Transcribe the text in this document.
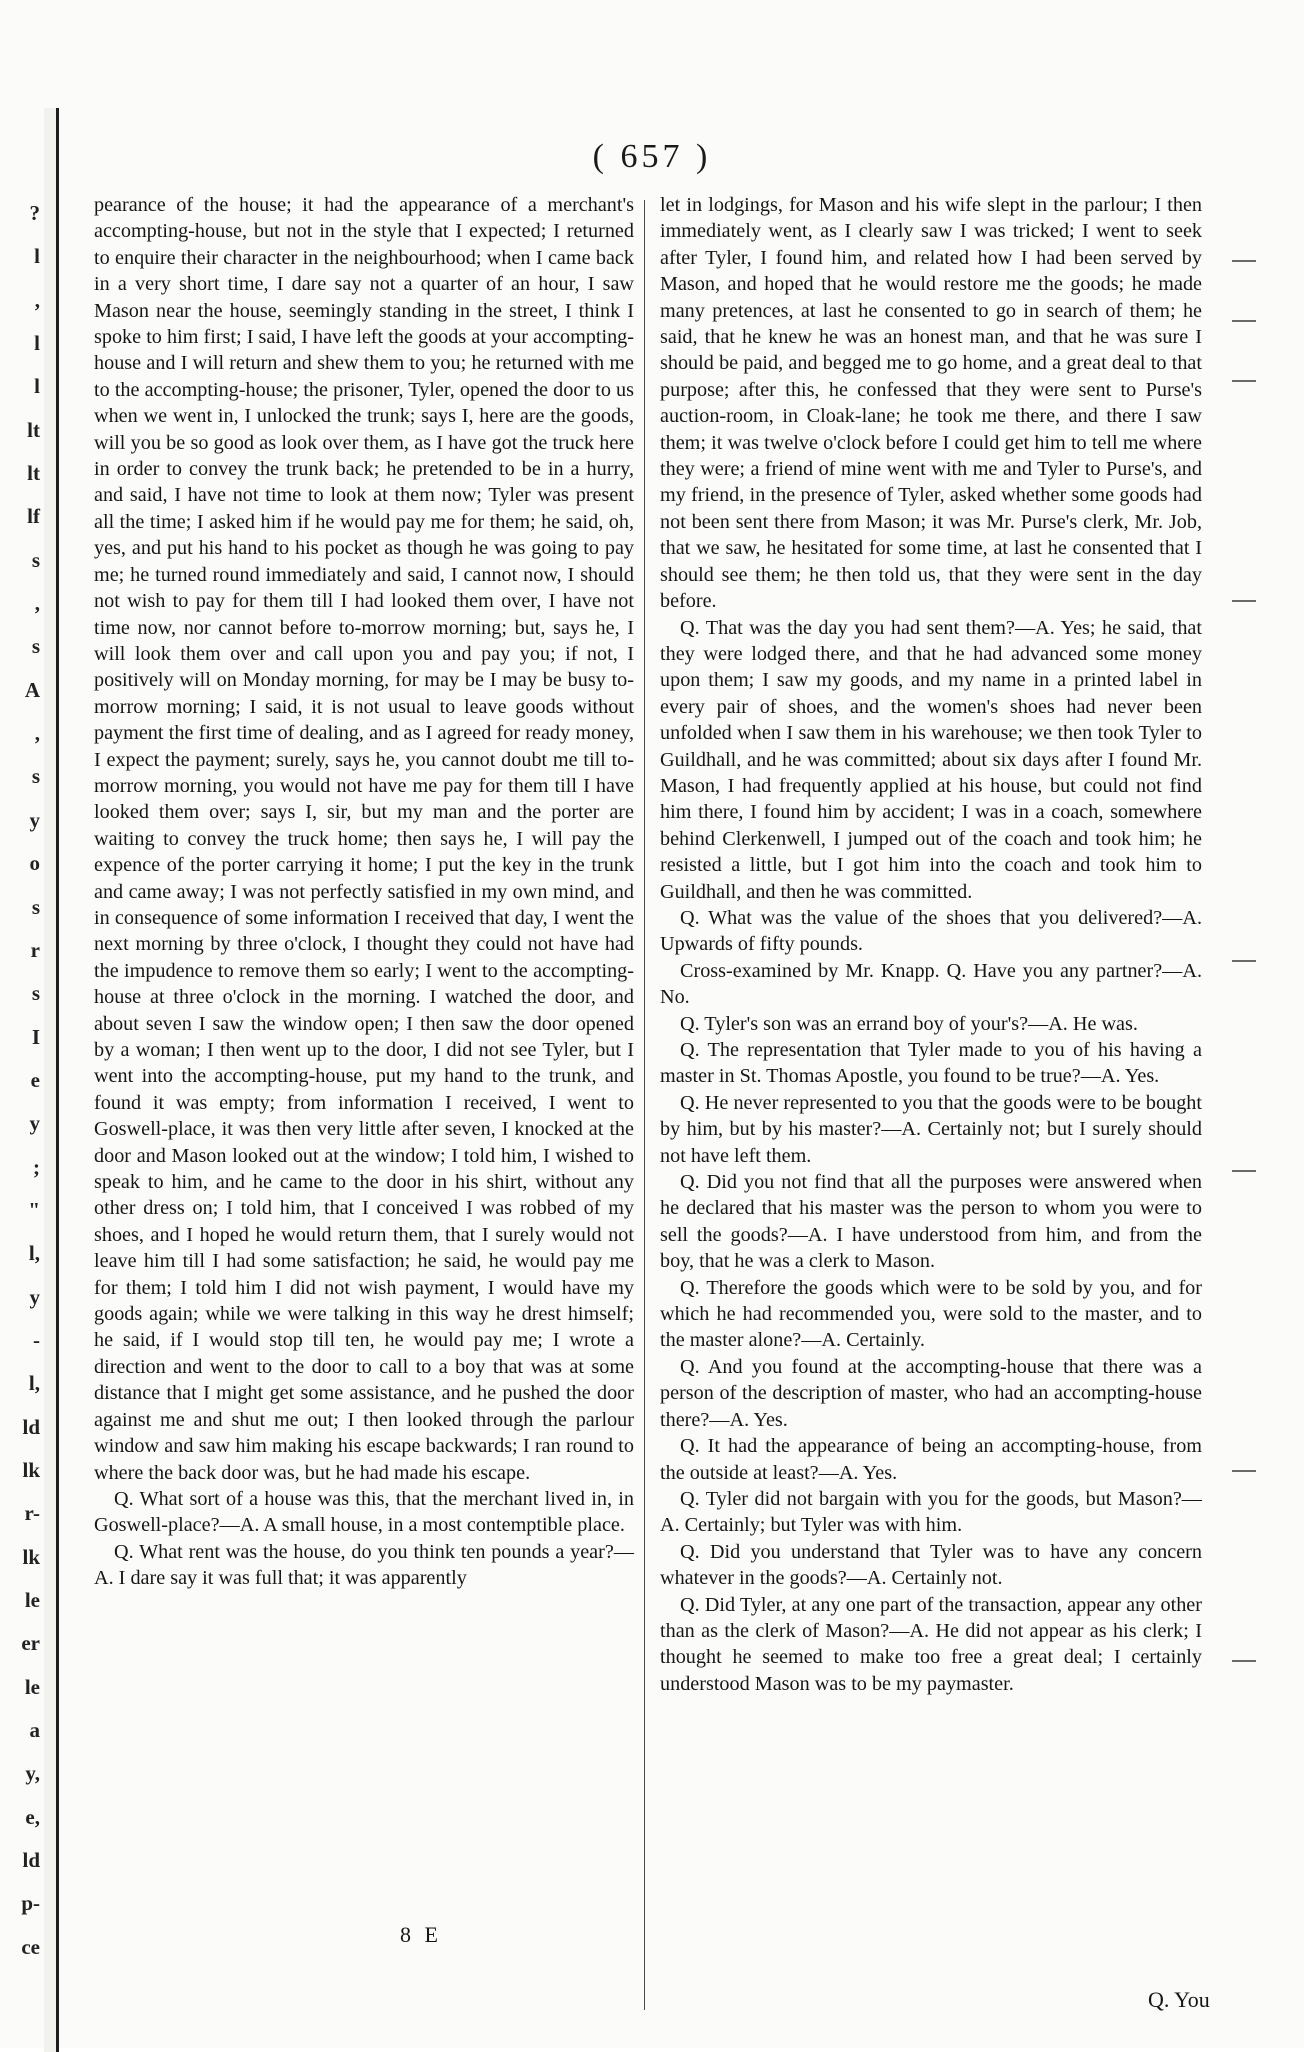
?
l
,
l
l
lt
lt
lf
s
,
s
A
,
s
y
o
s
r
s
I
e
y
;
"
l,
y
-
l,
ld
lk
r-
lk
le
er
le
a
y,
e,
ld
p-
ce
( 657 )

pearance of the house; it had the appearance of a merchant's accompting-house, but not in the style that I expected; I returned to enquire their character in the neighbourhood; when I came back in a very short time, I dare say not a quarter of an hour, I saw Mason near the house, seemingly standing in the street, I think I spoke to him first; I said, I have left the goods at your accompting-house and I will return and shew them to you; he returned with me to the accompting-house; the prisoner, Tyler, opened the door to us when we went in, I unlocked the trunk; says I, here are the goods, will you be so good as look over them, as I have got the truck here in order to convey the trunk back; he pretended to be in a hurry, and said, I have not time to look at them now; Tyler was present all the time; I asked him if he would pay me for them; he said, oh, yes, and put his hand to his pocket as though he was going to pay me; he turned round immediately and said, I cannot now, I should not wish to pay for them till I had looked them over, I have not time now, nor cannot before to-morrow morning; but, says he, I will look them over and call upon you and pay you; if not, I positively will on Monday morning, for may be I may be busy to-morrow morning; I said, it is not usual to leave goods without payment the first time of dealing, and as I agreed for ready money, I expect the payment; surely, says he, you cannot doubt me till to-morrow morning, you would not have me pay for them till I have looked them over; says I, sir, but my man and the porter are waiting to convey the truck home; then says he, I will pay the expence of the porter carrying it home; I put the key in the trunk and came away; I was not perfectly satisfied in my own mind, and in consequence of some information I received that day, I went the next morning by three o'clock, I thought they could not have had the impudence to remove them so early; I went to the accompting-house at three o'clock in the morning. I watched the door, and about seven I saw the window open; I then saw the door opened by a woman; I then went up to the door, I did not see Tyler, but I went into the accompting-house, put my hand to the trunk, and found it was empty; from information I received, I went to Goswell-place, it was then very little after seven, I knocked at the door and Mason looked out at the window; I told him, I wished to speak to him, and he came to the door in his shirt, without any other dress on; I told him, that I conceived I was robbed of my shoes, and I hoped he would return them, that I surely would not leave him till I had some satisfaction; he said, he would pay me for them; I told him I did not wish payment, I would have my goods again; while we were talking in this way he drest himself; he said, if I would stop till ten, he would pay me; I wrote a direction and went to the door to call to a boy that was at some distance that I might get some assistance, and he pushed the door against me and shut me out; I then looked through the parlour window and saw him making his escape backwards; I ran round to where the back door was, but he had made his escape.

Q. What sort of a house was this, that the merchant lived in, in Goswell-place?—A. A small house, in a most contemptible place.

Q. What rent was the house, do you think ten pounds a year?—A. I dare say it was full that; it was apparently

let in lodgings, for Mason and his wife slept in the parlour; I then immediately went, as I clearly saw I was tricked; I went to seek after Tyler, I found him, and related how I had been served by Mason, and hoped that he would restore me the goods; he made many pretences, at last he consented to go in search of them; he said, that he knew he was an honest man, and that he was sure I should be paid, and begged me to go home, and a great deal to that purpose; after this, he confessed that they were sent to Purse's auction-room, in Cloak-lane; he took me there, and there I saw them; it was twelve o'clock before I could get him to tell me where they were; a friend of mine went with me and Tyler to Purse's, and my friend, in the presence of Tyler, asked whether some goods had not been sent there from Mason; it was Mr. Purse's clerk, Mr. Job, that we saw, he hesitated for some time, at last he consented that I should see them; he then told us, that they were sent in the day before.

Q. That was the day you had sent them?—A. Yes; he said, that they were lodged there, and that he had advanced some money upon them; I saw my goods, and my name in a printed label in every pair of shoes, and the women's shoes had never been unfolded when I saw them in his warehouse; we then took Tyler to Guildhall, and he was committed; about six days after I found Mr. Mason, I had frequently applied at his house, but could not find him there, I found him by accident; I was in a coach, somewhere behind Clerkenwell, I jumped out of the coach and took him; he resisted a little, but I got him into the coach and took him to Guildhall, and then he was committed.

Q. What was the value of the shoes that you delivered?—A. Upwards of fifty pounds.

Cross-examined by Mr. Knapp. Q. Have you any partner?—A. No.

Q. Tyler's son was an errand boy of your's?—A. He was.

Q. The representation that Tyler made to you of his having a master in St. Thomas Apostle, you found to be true?—A. Yes.

Q. He never represented to you that the goods were to be bought by him, but by his master?—A. Certainly not; but I surely should not have left them.

Q. Did you not find that all the purposes were answered when he declared that his master was the person to whom you were to sell the goods?—A. I have understood from him, and from the boy, that he was a clerk to Mason.

Q. Therefore the goods which were to be sold by you, and for which he had recommended you, were sold to the master, and to the master alone?—A. Certainly.

Q. And you found at the accompting-house that there was a person of the description of master, who had an accompting-house there?—A. Yes.

Q. It had the appearance of being an accompting-house, from the outside at least?—A. Yes.

Q. Tyler did not bargain with you for the goods, but Mason?—A. Certainly; but Tyler was with him.

Q. Did you understand that Tyler was to have any concern whatever in the goods?—A. Certainly not.

Q. Did Tyler, at any one part of the transaction, appear any other than as the clerk of Mason?—A. He did not appear as his clerk; I thought he seemed to make too free a great deal; I certainly understood Mason was to be my paymaster.

8 E
Q. You
